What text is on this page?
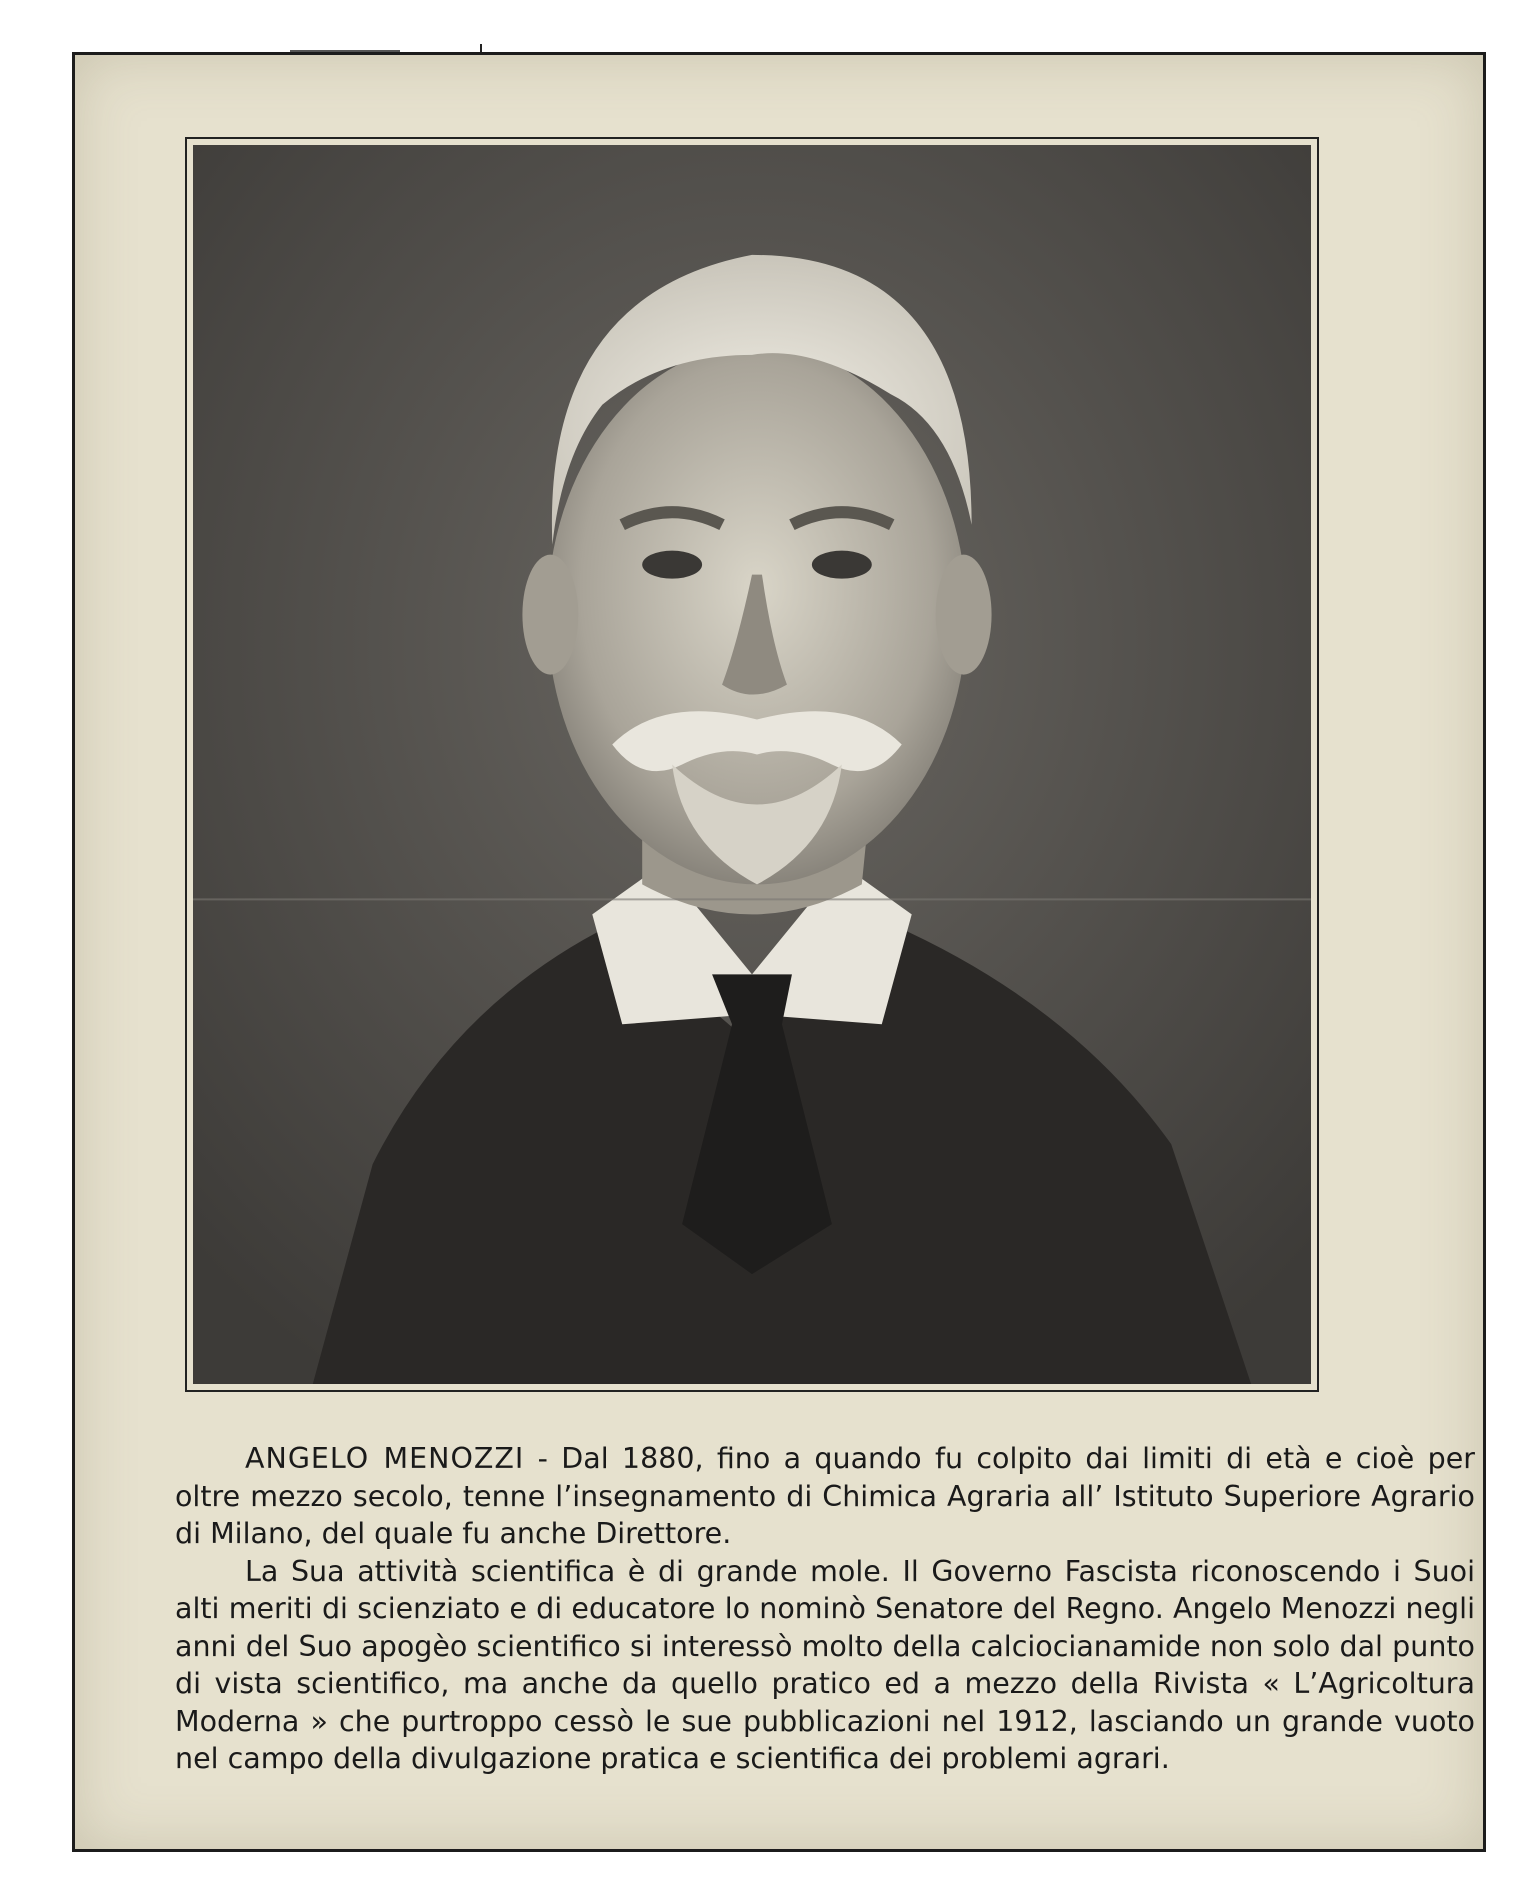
ANGELO MENOZZI - Dal 1880, fino a quando fu colpito dai limiti di età e cioè per oltre mezzo secolo, tenne l’insegnamento di Chimica Agraria all’ Istituto Superiore Agrario di Milano, del quale fu anche Direttore.

La Sua attività scientifica è di grande mole. Il Governo Fascista riconoscendo i Suoi alti meriti di scienziato e di educatore lo nominò Senatore del Regno. Angelo Menozzi negli anni del Suo apogèo scientifico si interessò molto della calciocianamide non solo dal punto di vista scientifico, ma anche da quello pratico ed a mezzo della Rivista « L’Agricoltura Moderna » che purtroppo cessò le sue pubblicazioni nel 1912, lasciando un grande vuoto nel campo della divulgazione pratica e scientifica dei problemi agrari.
